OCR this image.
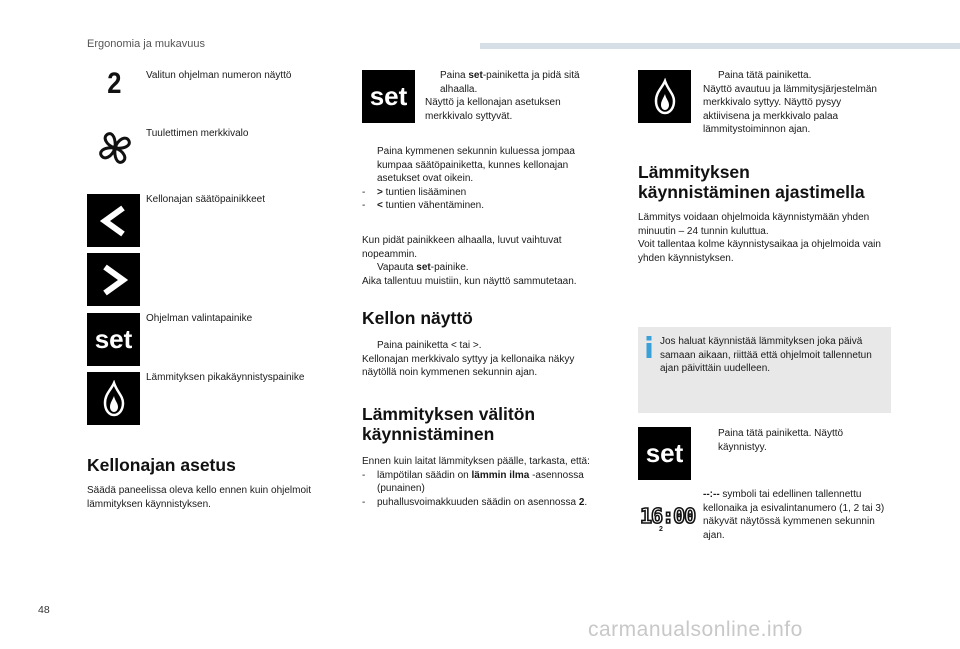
Ergonomia ja mukavuus
2 Valitun ohjelman numeron näyttö
Tuulettimen merkkivalo
Kellonajan säätöpainikkeet
set
Ohjelman valintapainike
Lämmityksen pikakäynnistyspainike
Kellonajan asetus
Säädä paneelissa oleva kello ennen kuin ohjelmoit lämmityksen käynnistyksen.
set

Paina set-painiketta ja pidä sitä alhaalla.

Näyttö ja kellonajan asetuksen merkkivalo syttyvät.

Paina kymmenen sekunnin kuluessa jompaa kumpaa säätöpainiketta, kunnes kellonajan asetukset ovat oikein.

- > tuntien lisääminen

- < tuntien vähentäminen.

Kun pidät painikkeen alhaalla, luvut vaihtuvat nopeammin.

Vapauta set-painike.

Aika tallentuu muistiin, kun näyttö sammutetaan.

Kellon näyttö

Paina painiketta < tai >.

Kellonajan merkkivalo syttyy ja kellonaika näkyy näytöllä noin kymmenen sekunnin ajan.

Lämmityksen välitön
käynnistäminen

Ennen kuin laitat lämmityksen päälle, tarkasta, että:

- lämpötilan säädin on lämmin ilma -asennossa (punainen)

- puhallusvoimakkuuden säädin on asennossa 2.

Paina tätä painiketta.

Näyttö avautuu ja lämmitysjärjestelmän merkkivalo syttyy. Näyttö pysyy aktiivisena ja merkkivalo palaa lämmitystoiminnon ajan.

Lämmityksen
käynnistäminen ajastimella

Lämmitys voidaan ohjelmoida käynnistymään yhden minuutin – 24 tunnin kuluttua.

Voit tallentaa kolme käynnistysaikaa ja ohjelmoida vain yhden käynnistyksen.

Jos haluat käynnistää lämmityksen joka päivä samaan aikaan, riittää että ohjelmoit tallennetun ajan päivittäin uudelleen.
set

Paina tätä painiketta. Näyttö käynnistyy.

16:00
2
--:-- symboli tai edellinen tallennettu kellonaika ja esivalintanumero (1, 2 tai 3) näkyvät näytössä kymmenen sekunnin ajan.
48
carmanualsonline.info
